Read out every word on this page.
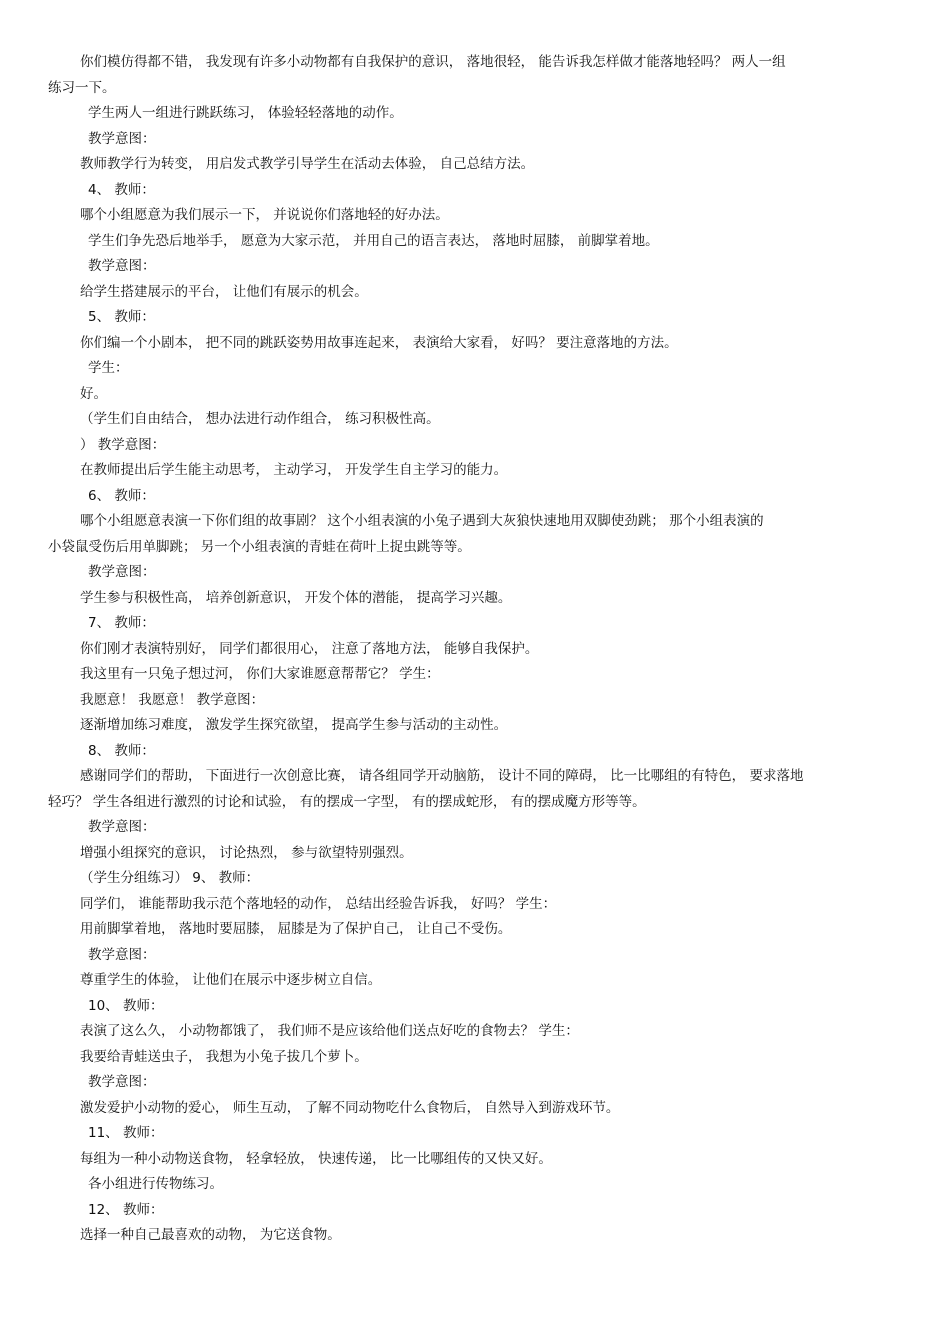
你们模仿得都不错， 我发现有许多小动物都有自我保护的意识， 落地很轻， 能告诉我怎样做才能落地轻吗？ 两人一组
练习一下。
学生两人一组进行跳跃练习， 体验轻轻落地的动作。
教学意图：
教师教学行为转变， 用启发式教学引导学生在活动去体验， 自己总结方法。
4、 教师：
哪个小组愿意为我们展示一下， 并说说你们落地轻的好办法。
学生们争先恐后地举手， 愿意为大家示范， 并用自己的语言表达， 落地时屈膝， 前脚掌着地。
教学意图：
给学生搭建展示的平台， 让他们有展示的机会。
5、 教师：
你们编一个小剧本， 把不同的跳跃姿势用故事连起来， 表演给大家看， 好吗？ 要注意落地的方法。
学生：
好。
（学生们自由结合， 想办法进行动作组合， 练习积极性高。
） 教学意图：
在教师提出后学生能主动思考， 主动学习， 开发学生自主学习的能力。
6、 教师：
哪个小组愿意表演一下你们组的故事剧？ 这个小组表演的小兔子遇到大灰狼快速地用双脚使劲跳； 那个小组表演的
小袋鼠受伤后用单脚跳； 另一个小组表演的青蛙在荷叶上捉虫跳等等。
教学意图：
学生参与积极性高， 培养创新意识， 开发个体的潜能， 提高学习兴趣。
7、 教师：
你们刚才表演特别好， 同学们都很用心， 注意了落地方法， 能够自我保护。
我这里有一只兔子想过河， 你们大家谁愿意帮帮它？ 学生：
我愿意！ 我愿意！ 教学意图：
逐渐增加练习难度， 激发学生探究欲望， 提高学生参与活动的主动性。
8、 教师：
感谢同学们的帮助， 下面进行一次创意比赛， 请各组同学开动脑筋， 设计不同的障碍， 比一比哪组的有特色， 要求落地
轻巧？ 学生各组进行激烈的讨论和试验， 有的摆成一字型， 有的摆成蛇形， 有的摆成魔方形等等。
教学意图：
增强小组探究的意识， 讨论热烈， 参与欲望特别强烈。
（学生分组练习） 9、 教师：
同学们， 谁能帮助我示范个落地轻的动作， 总结出经验告诉我， 好吗？ 学生：
用前脚掌着地， 落地时要屈膝， 屈膝是为了保护自己， 让自己不受伤。
教学意图：
尊重学生的体验， 让他们在展示中逐步树立自信。
10、 教师：
表演了这么久， 小动物都饿了， 我们师不是应该给他们送点好吃的食物去？ 学生：
我要给青蛙送虫子， 我想为小兔子拔几个萝卜。
教学意图：
激发爱护小动物的爱心， 师生互动， 了解不同动物吃什么食物后， 自然导入到游戏环节。
11、 教师：
每组为一种小动物送食物， 轻拿轻放， 快速传递， 比一比哪组传的又快又好。
各小组进行传物练习。
12、 教师：
选择一种自己最喜欢的动物， 为它送食物。
